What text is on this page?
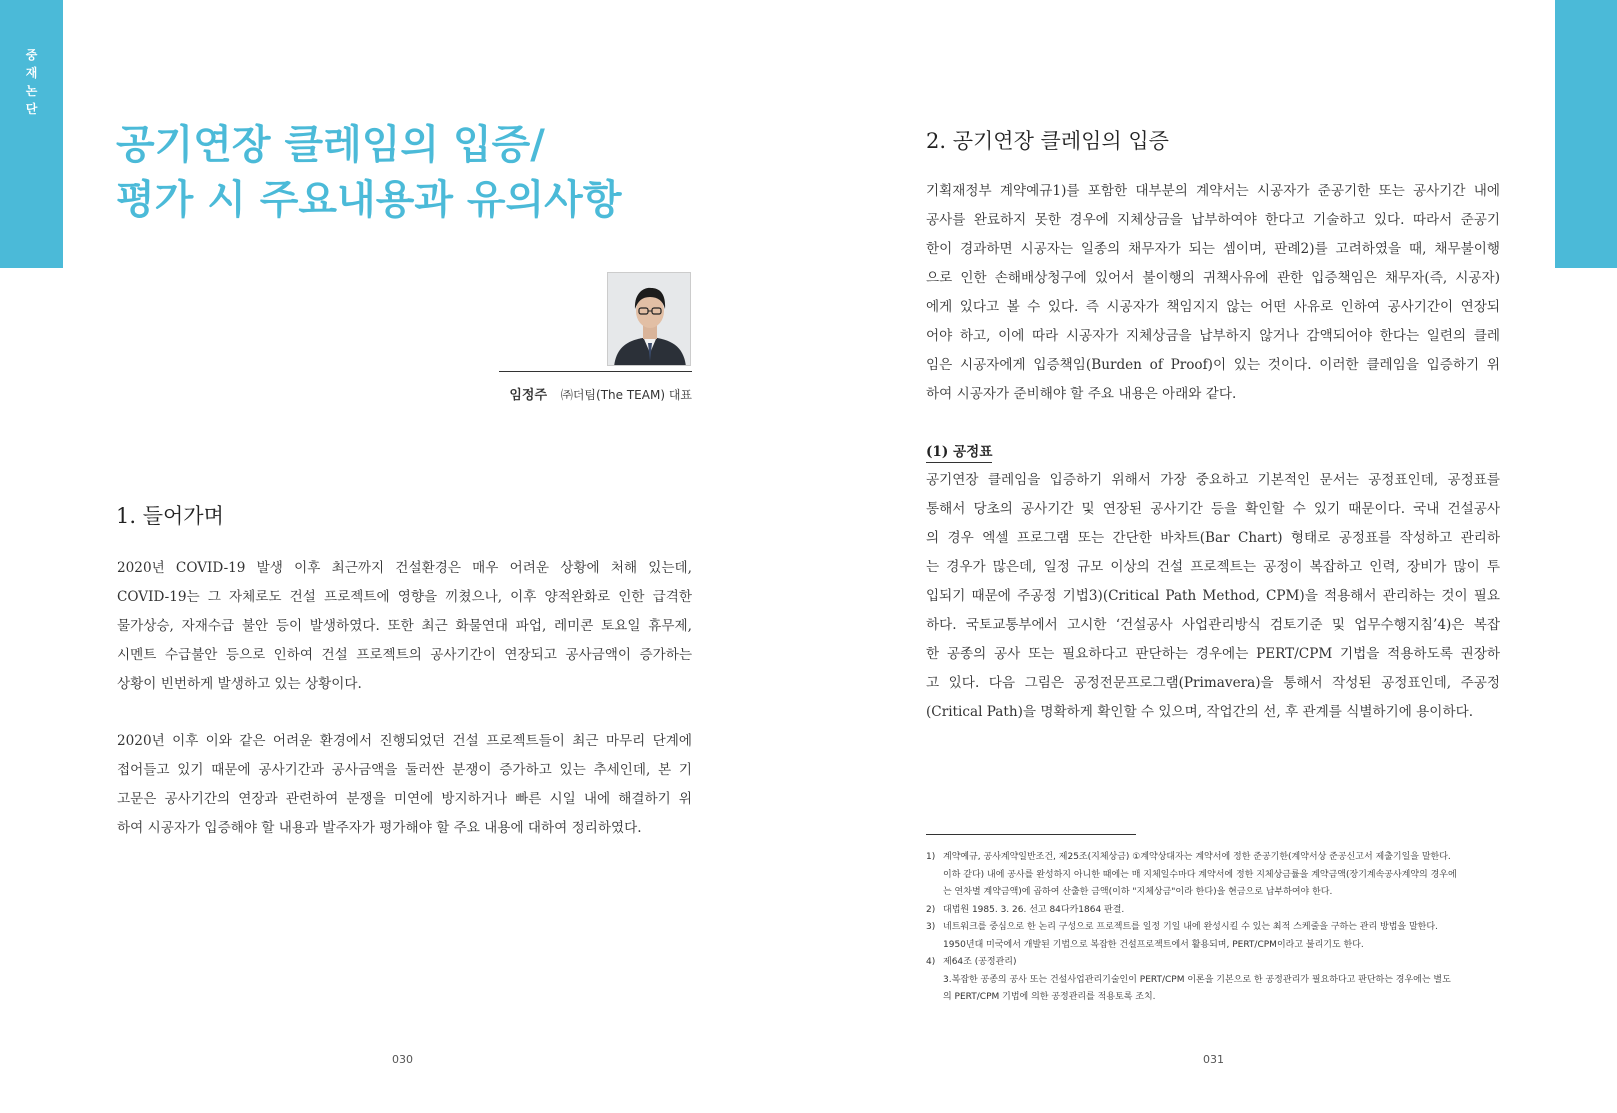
중
재
논
단
공기연장 클레임의 입증/
평가 시 주요내용과 유의사항
임정주 ㈜더팀(The TEAM) 대표
1. 들어가며

2020년 COVID-19 발생 이후 최근까지 건설환경은 매우 어려운 상황에 처해 있는데,
COVID-19는 그 자체로도 건설 프로젝트에 영향을 끼쳤으나, 이후 양적완화로 인한 급격한
물가상승, 자재수급 불안 등이 발생하였다. 또한 최근 화물연대 파업, 레미콘 토요일 휴무제,
시멘트 수급불안 등으로 인하여 건설 프로젝트의 공사기간이 연장되고 공사금액이 증가하는
상황이 빈번하게 발생하고 있는 상황이다.

2020년 이후 이와 같은 어려운 환경에서 진행되었던 건설 프로젝트들이 최근 마무리 단계에
접어들고 있기 때문에 공사기간과 공사금액을 둘러싼 분쟁이 증가하고 있는 추세인데, 본 기
고문은 공사기간의 연장과 관련하여 분쟁을 미연에 방지하거나 빠른 시일 내에 해결하기 위
하여 시공자가 입증해야 할 내용과 발주자가 평가해야 할 주요 내용에 대하여 정리하였다.

2. 공기연장 클레임의 입증

기획재정부 계약예규1)를 포함한 대부분의 계약서는 시공자가 준공기한 또는 공사기간 내에
공사를 완료하지 못한 경우에 지체상금을 납부하여야 한다고 기술하고 있다. 따라서 준공기
한이 경과하면 시공자는 일종의 채무자가 되는 셈이며, 판례2)를 고려하였을 때, 채무불이행
으로 인한 손해배상청구에 있어서 불이행의 귀책사유에 관한 입증책임은 채무자(즉, 시공자)
에게 있다고 볼 수 있다. 즉 시공자가 책임지지 않는 어떤 사유로 인하여 공사기간이 연장되
어야 하고, 이에 따라 시공자가 지체상금을 납부하지 않거나 감액되어야 한다는 일련의 클레
임은 시공자에게 입증책임(Burden of Proof)이 있는 것이다. 이러한 클레임을 입증하기 위
하여 시공자가 준비해야 할 주요 내용은 아래와 같다.

(1) 공정표

공기연장 클레임을 입증하기 위해서 가장 중요하고 기본적인 문서는 공정표인데, 공정표를
통해서 당초의 공사기간 및 연장된 공사기간 등을 확인할 수 있기 때문이다. 국내 건설공사
의 경우 엑셀 프로그램 또는 간단한 바차트(Bar Chart) 형태로 공정표를 작성하고 관리하
는 경우가 많은데, 일정 규모 이상의 건설 프로젝트는 공정이 복잡하고 인력, 장비가 많이 투
입되기 때문에 주공정 기법3)(Critical Path Method, CPM)을 적용해서 관리하는 것이 필요
하다. 국토교통부에서 고시한 ‘건설공사 사업관리방식 검토기준 및 업무수행지침’4)은 복잡
한 공종의 공사 또는 필요하다고 판단하는 경우에는 PERT/CPM 기법을 적용하도록 권장하
고 있다. 다음 그림은 공정전문프로그램(Primavera)을 통해서 작성된 공정표인데, 주공정
(Critical Path)을 명확하게 확인할 수 있으며, 작업간의 선, 후 관계를 식별하기에 용이하다.

1) 계약예규, 공사계약일반조건, 제25조(지체상금) ①계약상대자는 계약서에 정한 준공기한(계약서상 준공신고서 제출기일을 말한다.
이하 같다) 내에 공사를 완성하지 아니한 때에는 매 지체일수마다 계약서에 정한 지체상금률을 계약금액(장기계속공사계약의 경우에
는 연차별 계약금액)에 곱하여 산출한 금액(이하 "지체상금"이라 한다)을 현금으로 납부하여야 한다.
2) 대법원 1985. 3. 26. 선고 84다카1864 판결.
3) 네트워크를 중심으로 한 논리 구성으로 프로젝트를 일정 기일 내에 완성시킬 수 있는 최적 스케줄을 구하는 관리 방법을 말한다.
1950년대 미국에서 개발된 기법으로 복잡한 건설프로젝트에서 활용되며, PERT/CPM이라고 불리기도 한다.
4) 제64조 (공정관리)
3.복잡한 공종의 공사 또는 건설사업관리기술인이 PERT/CPM 이론을 기본으로 한 공정관리가 필요하다고 판단하는 경우에는 별도
의 PERT/CPM 기법에 의한 공정관리를 적용토록 조치.
030	031
